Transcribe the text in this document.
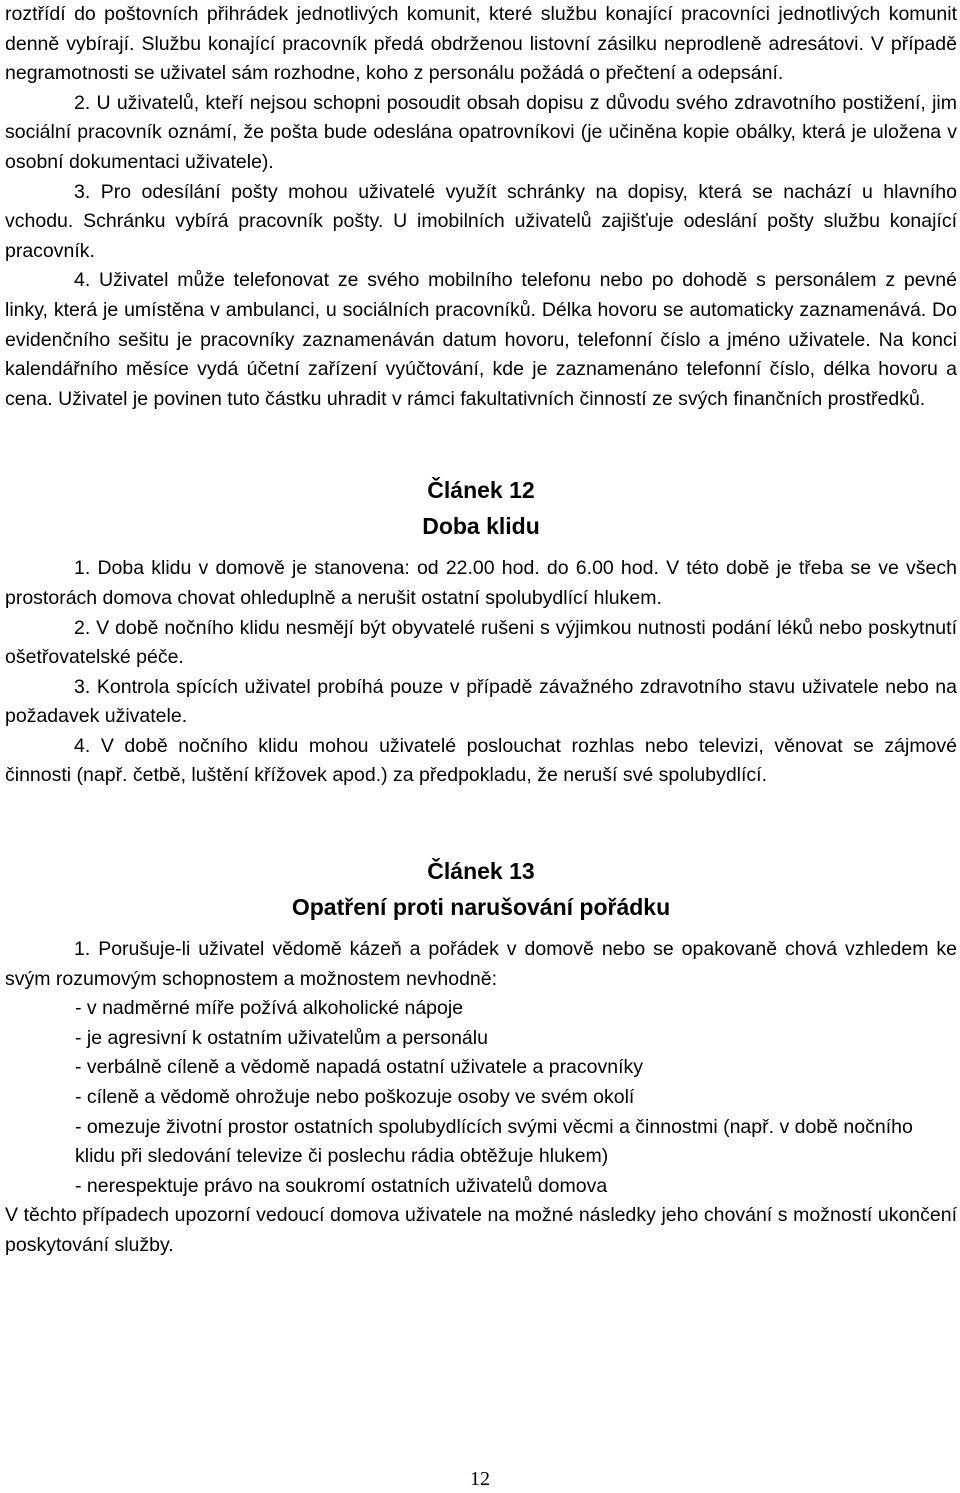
roztřídí do poštovních přihrádek jednotlivých komunit, které službu konající pracovníci jednotlivých komunit denně vybírají. Službu konající pracovník předá obdrženou listovní zásilku neprodleně adresátovi. V případě negramotnosti se uživatel sám rozhodne, koho z personálu požádá o přečtení a odepsání.

2. U uživatelů, kteří nejsou schopni posoudit obsah dopisu z důvodu svého zdravotního postižení, jim sociální pracovník oznámí, že pošta bude odeslána opatrovníkovi (je učiněna kopie obálky, která je uložena v osobní dokumentaci uživatele).

3. Pro odesílání pošty mohou uživatelé využít schránky na dopisy, která se nachází u hlavního vchodu. Schránku vybírá pracovník pošty. U imobilních uživatelů zajišťuje odeslání pošty službu konající pracovník.

4. Uživatel může telefonovat ze svého mobilního telefonu nebo po dohodě s personálem z pevné linky, která je umístěna v ambulanci, u sociálních pracovníků. Délka hovoru se automaticky zaznamenává. Do evidenčního sešitu je pracovníky zaznamenáván datum hovoru, telefonní číslo a jméno uživatele. Na konci kalendářního měsíce vydá účetní zařízení vyúčtování, kde je zaznamenáno telefonní číslo, délka hovoru a cena. Uživatel je povinen tuto částku uhradit v rámci fakultativních činností ze svých finančních prostředků.

Článek 12
Doba klidu

1. Doba klidu v domově je stanovena: od 22.00 hod. do 6.00 hod. V této době je třeba se ve všech prostorách domova chovat ohleduplně a nerušit ostatní spolubydlící hlukem.

2. V době nočního klidu nesmějí být obyvatelé rušeni s výjimkou nutnosti podání léků nebo poskytnutí ošetřovatelské péče.

3. Kontrola spících uživatel probíhá pouze v případě závažného zdravotního stavu uživatele nebo na požadavek uživatele.

4. V době nočního klidu mohou uživatelé poslouchat rozhlas nebo televizi, věnovat se zájmové činnosti (např. četbě, luštění křížovek apod.) za předpokladu, že neruší své spolubydlící.

Článek 13
Opatření proti narušování pořádku

1. Porušuje-li uživatel vědomě kázeň a pořádek v domově nebo se opakovaně chová vzhledem ke svým rozumovým schopnostem a možnostem nevhodně:

- v nadměrné míře požívá alkoholické nápoje

- je agresivní k ostatním uživatelům a personálu

- verbálně cíleně a vědomě napadá ostatní uživatele a pracovníky

- cíleně a vědomě ohrožuje nebo poškozuje osoby ve svém okolí

- omezuje životní prostor ostatních spolubydlících svými věcmi a činnostmi (např. v době nočního klidu při sledování televize či poslechu rádia obtěžuje hlukem)

- nerespektuje právo na soukromí ostatních uživatelů domova

V těchto případech upozorní vedoucí domova uživatele na možné následky jeho chování s možností ukončení poskytování služby.

12
